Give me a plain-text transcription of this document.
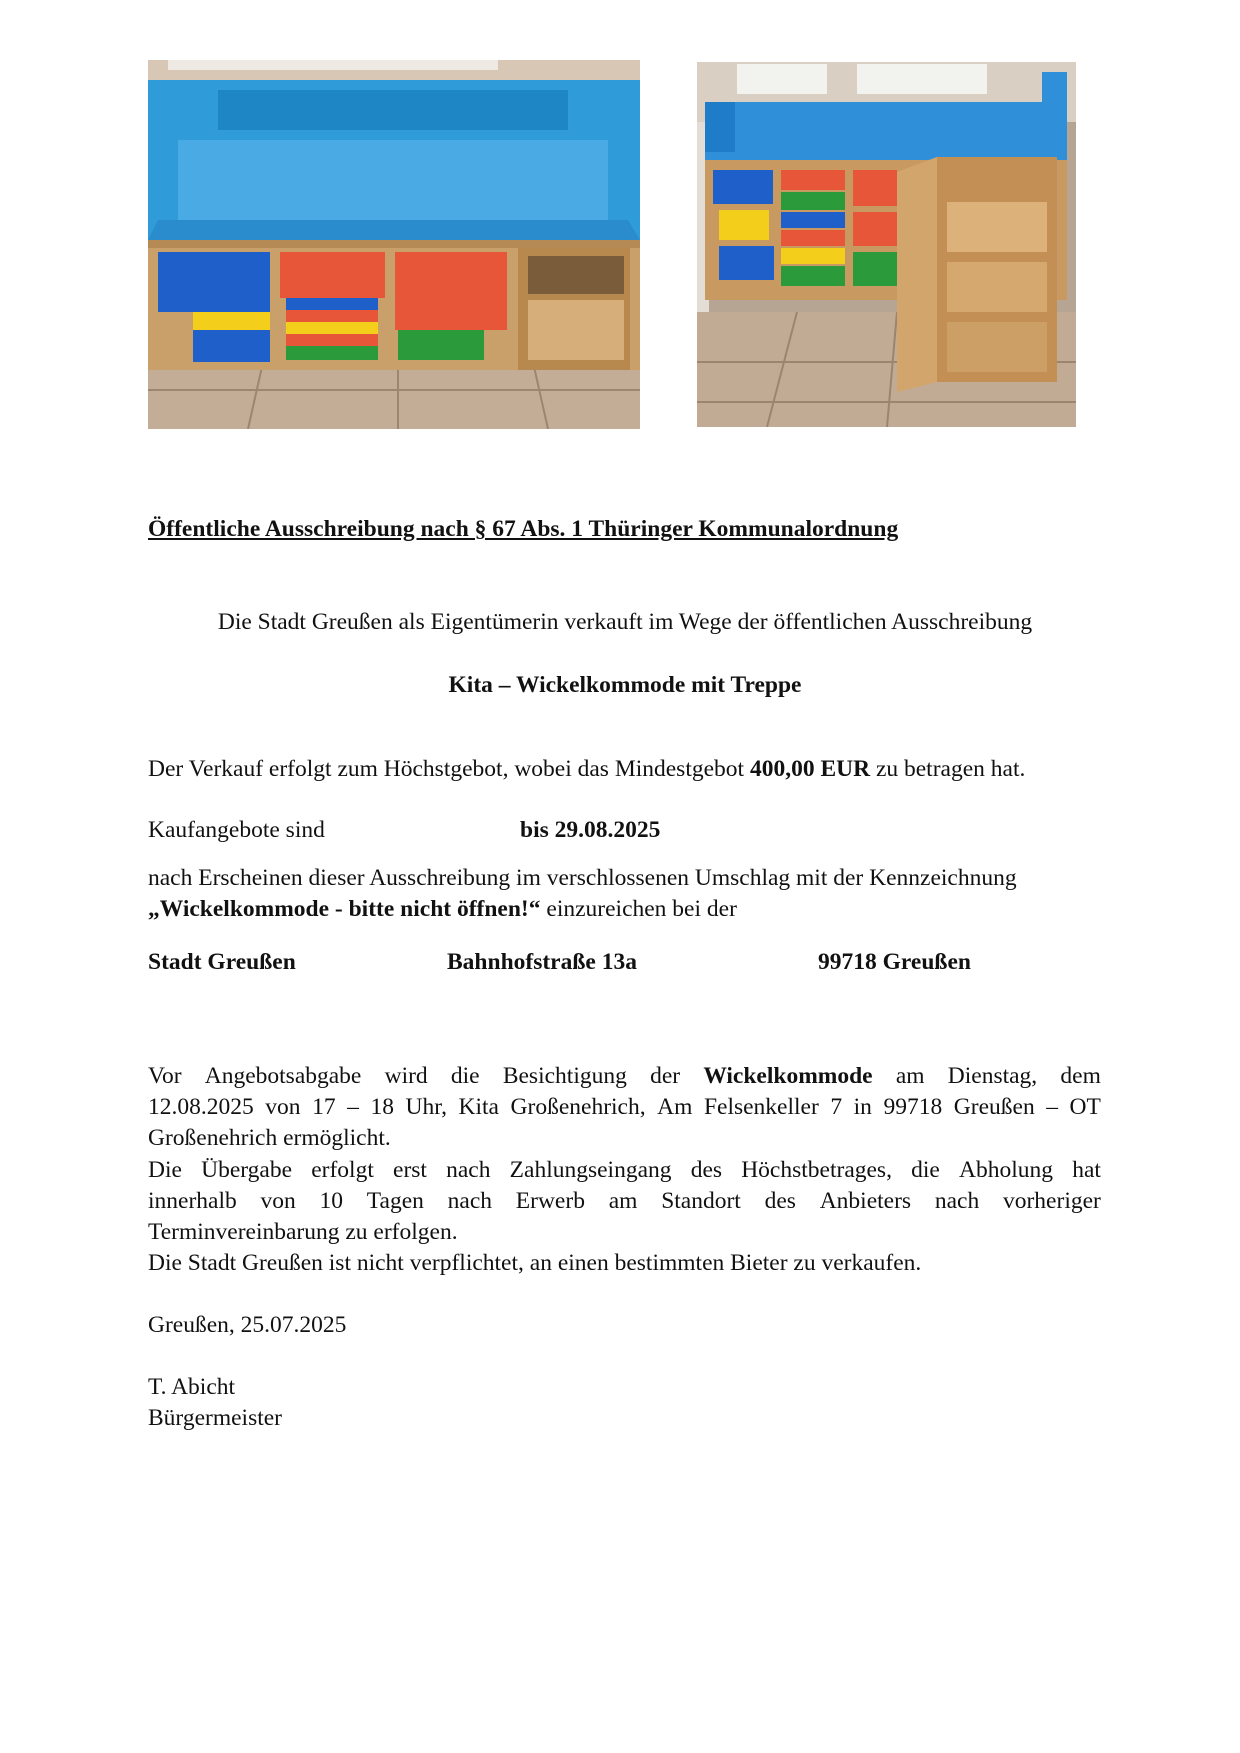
Öffentliche Ausschreibung nach § 67 Abs. 1 Thüringer Kommunalordnung
Die Stadt Greußen als Eigentümerin verkauft im Wege der öffentlichen Ausschreibung
Kita – Wickelkommode mit Treppe
Der Verkauf erfolgt zum Höchstgebot, wobei das Mindestgebot 400,00 EUR zu betragen hat.
Kaufangebote sind	bis 29.08.2025
nach Erscheinen dieser Ausschreibung im verschlossenen Umschlag mit der Kennzeichnung
„Wickelkommode - bitte nicht öffnen!“ einzureichen bei der
Stadt Greußen	Bahnhofstraße 13a	99718 Greußen
Vor Angebotsabgabe wird die Besichtigung der Wickelkommode am Dienstag, dem
12.08.2025 von 17 – 18 Uhr, Kita Großenehrich, Am Felsenkeller 7 in 99718 Greußen – OT
Großenehrich ermöglicht.
Die Übergabe erfolgt erst nach Zahlungseingang des Höchstbetrages, die Abholung hat
innerhalb von 10 Tagen nach Erwerb am Standort des Anbieters nach vorheriger
Terminvereinbarung zu erfolgen.
Die Stadt Greußen ist nicht verpflichtet, an einen bestimmten Bieter zu verkaufen.
Greußen, 25.07.2025
T. Abicht
Bürgermeister
